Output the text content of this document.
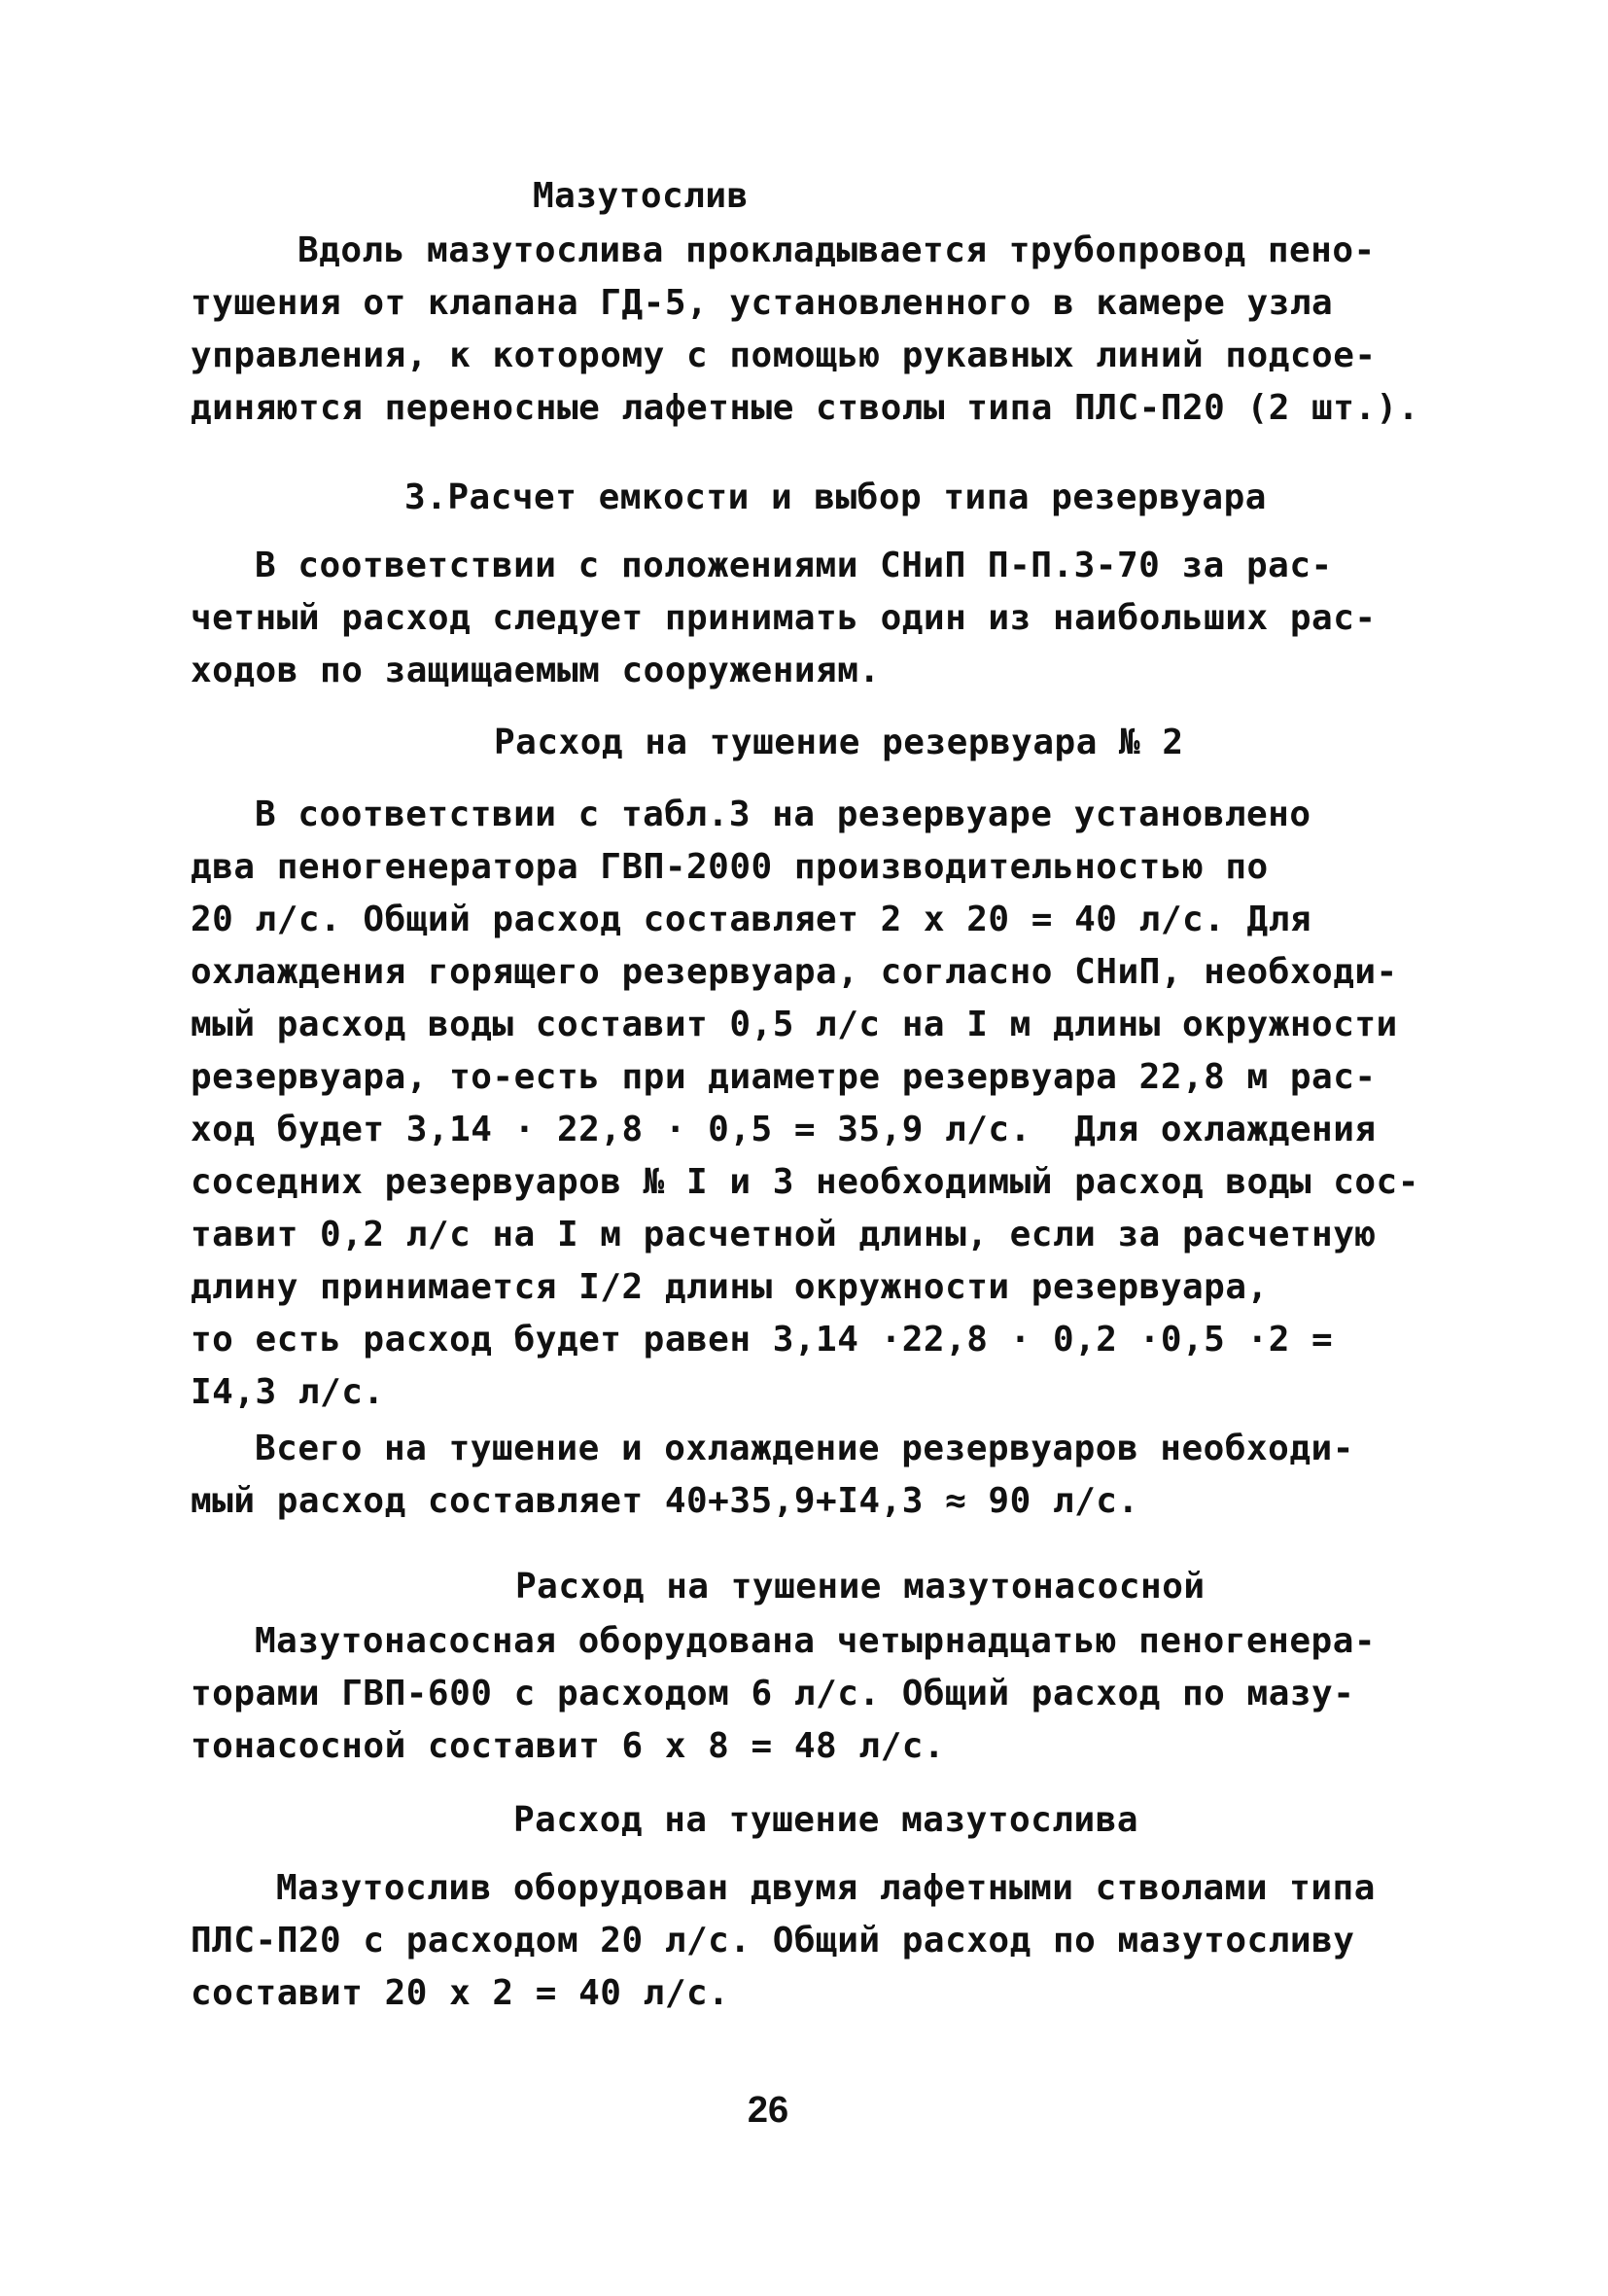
Мазутослив
Вдоль мазутослива прокладывается трубопровод пено-
тушения от клапана ГД-5, установленного в камере узла
управления, к которому с помощью рукавных линий подсое-
диняются переносные лафетные стволы типа ПЛС-П20 (2 шт.).
3.Расчет емкости и выбор типа резервуара
В соответствии с положениями СНиП П-П.3-70 за рас-
четный расход следует принимать один из наибольших рас-
ходов по защищаемым сооружениям.
Расход на тушение резервуара № 2
В соответствии с табл.3 на резервуаре установлено
два пеногенератора ГВП-2000 производительностью по
20 л/с. Общий расход составляет 2 х 20 = 40 л/с. Для
охлаждения горящего резервуара, согласно СНиП, необходи-
мый расход воды составит 0,5 л/с на I м длины окружности
резервуара, то-есть при диаметре резервуара 22,8 м рас-
ход будет 3,14 · 22,8 · 0,5 = 35,9 л/с.  Для охлаждения
соседних резервуаров № I и 3 необходимый расход воды сос-
тавит 0,2 л/с на I м расчетной длины, если за расчетную
длину принимается I/2 длины окружности резервуара,
то есть расход будет равен 3,14 ·22,8 · 0,2 ·0,5 ·2 =
I4,3 л/с.
Всего на тушение и охлаждение резервуаров необходи-
мый расход составляет 40+35,9+I4,3 ≈ 90 л/с.
Расход на тушение мазутонасосной
Мазутонасосная оборудована четырнадцатью пеногенера-
торами ГВП-600 с расходом 6 л/с. Общий расход по мазу-
тонасосной составит 6 х 8 = 48 л/с.
Расход на тушение мазутослива
Мазутослив оборудован двумя лафетными стволами типа
ПЛС-П20 с расходом 20 л/с. Общий расход по мазутосливу
составит 20 х 2 = 40 л/с.
26
